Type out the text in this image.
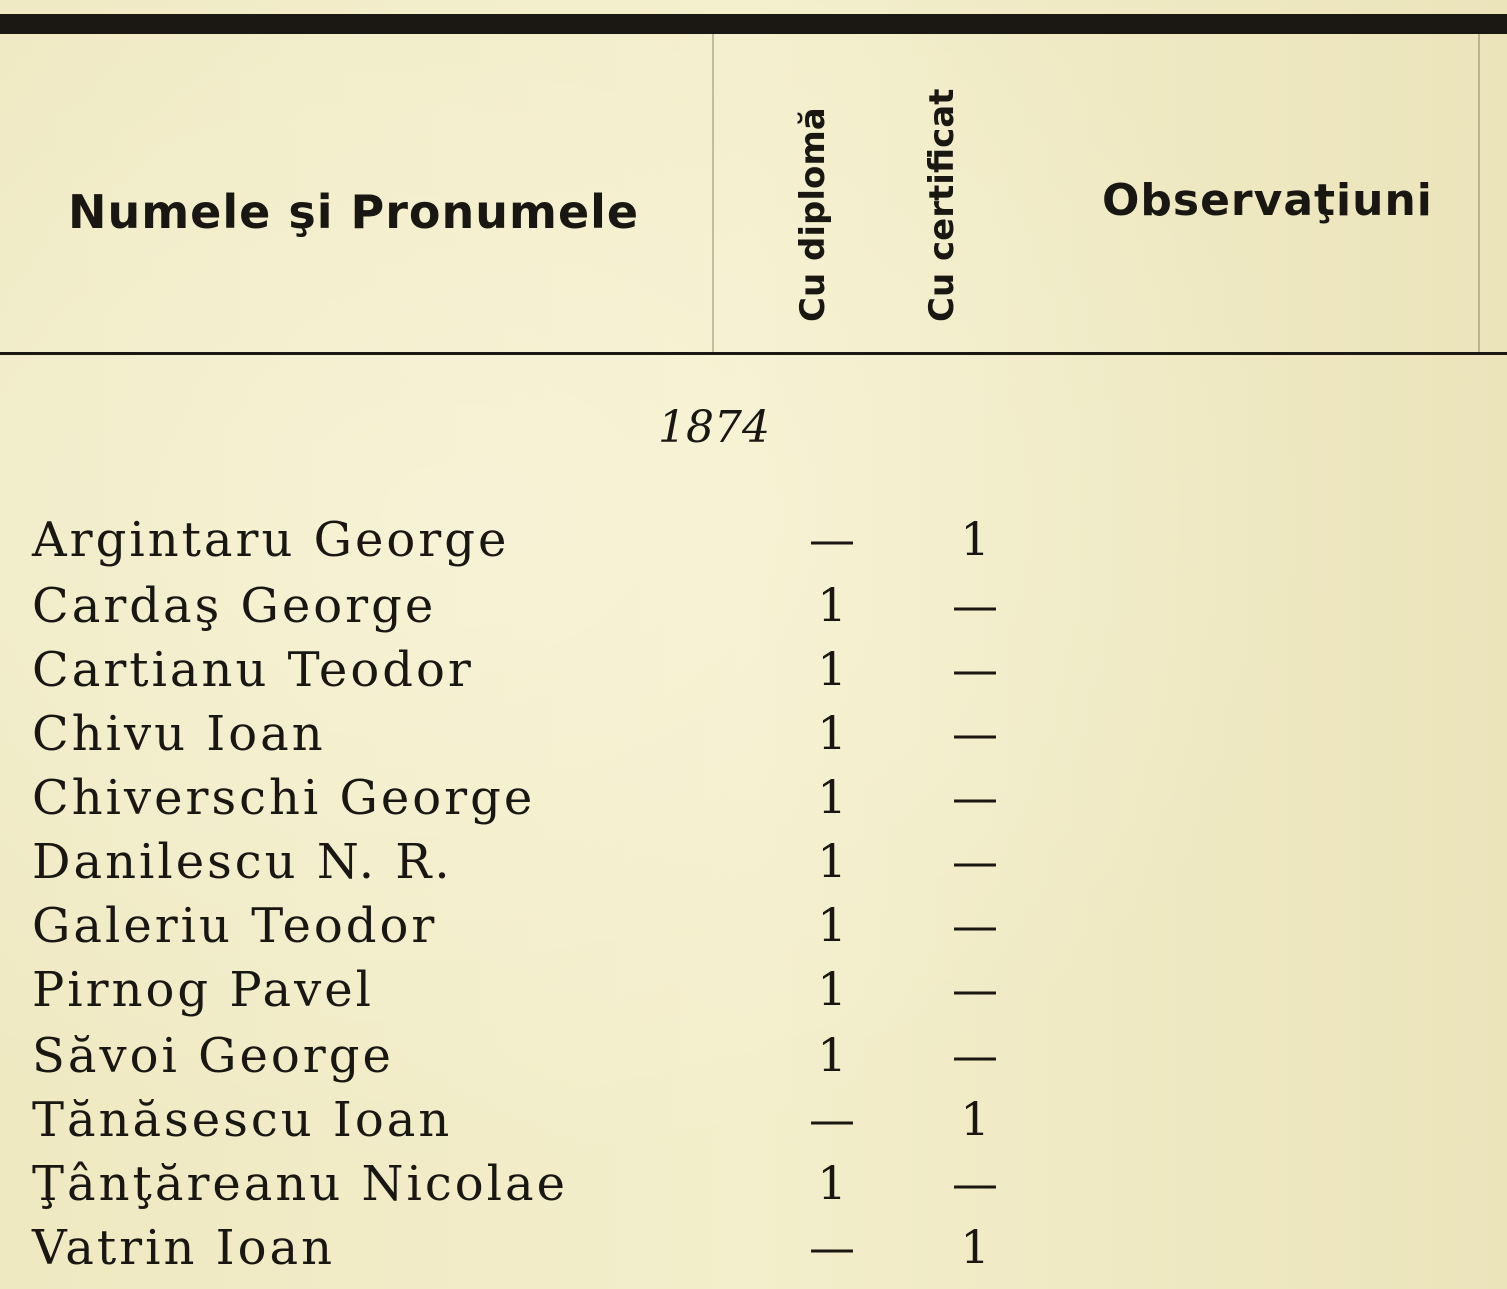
Numele şi Pronumele	Cu diplomă	Cu certificat	Observaţiuni
1874
Argintaru George	—	1
Cardaş George	1	—
Cartianu Teodor	1	—
Chivu Ioan	1	—
Chiverschi George	1	—
Danilescu N. R.	1	—
Galeriu Teodor	1	—
Pirnog Pavel	1	—
Săvoi George	1	—
Tănăsescu Ioan	—	1
Ţânţăreanu Nicolae	1	—
Vatrin Ioan	—	1
